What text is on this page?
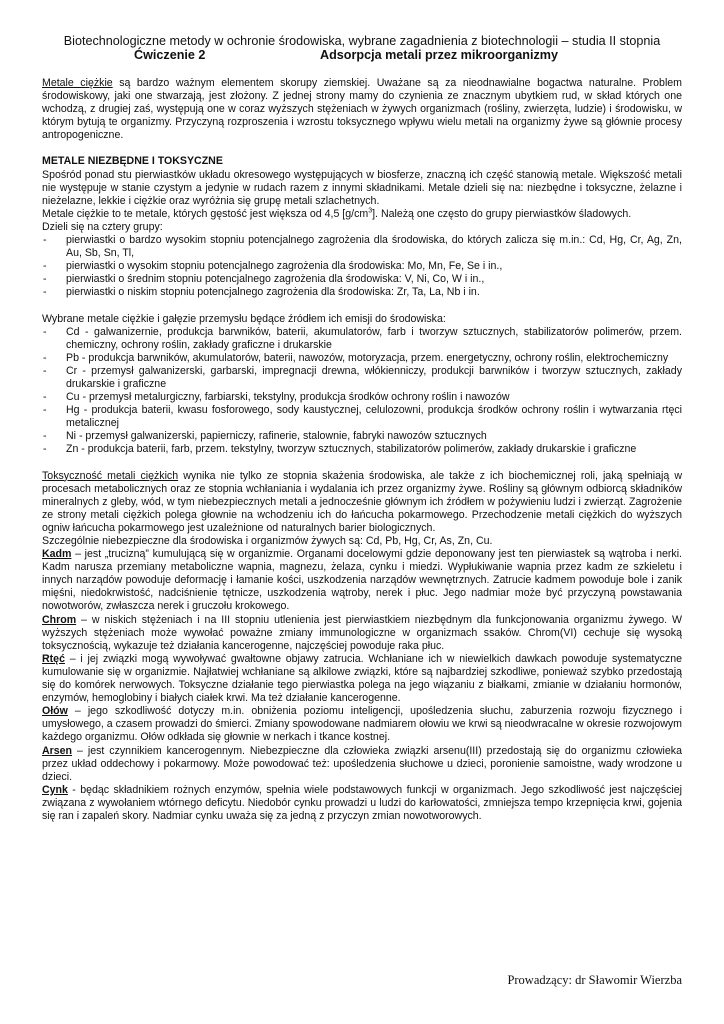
Biotechnologiczne metody w ochronie środowiska, wybrane zagadnienia z biotechnologii – studia II stopnia
Ćwiczenie 2	Adsorpcja metali przez mikroorganizmy

Metale ciężkie są bardzo ważnym elementem skorupy ziemskiej. Uważane są za nieodnawialne bogactwa naturalne. Problem środowiskowy, jaki one stwarzają, jest złożony. Z jednej strony mamy do czynienia ze znacznym ubytkiem rud, w skład których one wchodzą, z drugiej zaś, występują one w coraz wyższych stężeniach w żywych organizmach (rośliny, zwierzęta, ludzie) i środowisku, w którym bytują te organizmy. Przyczyną rozproszenia i wzrostu toksycznego wpływu wielu metali na organizmy żywe są głównie procesy antropogeniczne.

METALE NIEZBĘDNE I TOKSYCZNE

Spośród ponad stu pierwiastków układu okresowego występujących w biosferze, znaczną ich część stanowią metale. Większość metali nie występuje w stanie czystym a jedynie w rudach razem z innymi składnikami. Metale dzieli się na: niezbędne i toksyczne, żelazne i nieżelazne, lekkie i ciężkie oraz wyróżnia się grupę metali szlachetnych.

Metale ciężkie to te metale, których gęstość jest większa od 4,5 $[g/cm^3]$. Należą one często do grupy pierwiastków śladowych.

Dzieli się na cztery grupy:

- pierwiastki o bardzo wysokim stopniu potencjalnego zagrożenia dla środowiska, do których zalicza się m.in.: Cd, Hg, Cr, Ag, Zn, Au, Sb, Sn, Tl,
- pierwiastki o wysokim stopniu potencjalnego zagrożenia dla środowiska: Mo, Mn, Fe, Se i in.,
- pierwiastki o średnim stopniu potencjalnego zagrożenia dla środowiska: V, Ni, Co, W i in.,
- pierwiastki o niskim stopniu potencjalnego zagrożenia dla środowiska: Zr, Ta, La, Nb i in.

Wybrane metale ciężkie i gałęzie przemysłu będące źródłem ich emisji do środowiska:

- Cd - galwanizernie, produkcja barwników, baterii, akumulatorów, farb i tworzyw sztucznych, stabilizatorów polimerów, przem. chemiczny, ochrony roślin, zakłady graficzne i drukarskie
- Pb - produkcja barwników, akumulatorów, baterii, nawozów, motoryzacja, przem. energetyczny, ochrony roślin, elektrochemiczny
- Cr - przemysł galwanizerski, garbarski, impregnacji drewna, włókienniczy, produkcji barwników i tworzyw sztucznych, zakłady drukarskie i graficzne
- Cu - przemysł metalurgiczny, farbiarski, tekstylny, produkcja środków ochrony roślin i nawozów
- Hg - produkcja baterii, kwasu fosforowego, sody kaustycznej, celulozowni, produkcja środków ochrony roślin i wytwarzania rtęci metalicznej
- Ni - przemysł galwanizerski, papierniczy, rafinerie, stalownie, fabryki nawozów sztucznych
- Zn - produkcja baterii, farb, przem. tekstylny, tworzyw sztucznych, stabilizatorów polimerów, zakłady drukarskie i graficzne

Toksyczność metali ciężkich wynika nie tylko ze stopnia skażenia środowiska, ale także z ich biochemicznej roli, jaką spełniają w procesach metabolicznych oraz ze stopnia wchłaniania i wydalania ich przez organizmy żywe. Rośliny są głównym odbiorcą składników mineralnych z gleby, wód, w tym niebezpiecznych metali a jednocześnie głównym ich źródłem w pożywieniu ludzi i zwierząt. Zagrożenie ze strony metali ciężkich polega głownie na wchodzeniu ich do łańcucha pokarmowego. Przechodzenie metali ciężkich do wyższych ogniw łańcucha pokarmowego jest uzależnione od naturalnych barier biologicznych.

Szczególnie niebezpieczne dla środowiska i organizmów żywych są: Cd, Pb, Hg, Cr, As, Zn, Cu.

Kadm – jest „trucizną” kumulującą się w organizmie. Organami docelowymi gdzie deponowany jest ten pierwiastek są wątroba i nerki. Kadm narusza przemiany metaboliczne wapnia, magnezu, żelaza, cynku i miedzi. Wypłukiwanie wapnia przez kadm ze szkieletu i innych narządów powoduje deformację i łamanie kości, uszkodzenia narządów wewnętrznych. Zatrucie kadmem powoduje bole i zanik mięśni, niedokrwistość, nadciśnienie tętnicze, uszkodzenia wątroby, nerek i płuc. Jego nadmiar może być przyczyną powstawania nowotworów, zwłaszcza nerek i gruczołu krokowego.

Chrom – w niskich stężeniach i na III stopniu utlenienia jest pierwiastkiem niezbędnym dla funkcjonowania organizmu żywego. W wyższych stężeniach może wywołać poważne zmiany immunologiczne w organizmach ssaków. Chrom(VI) cechuje się wysoką toksycznością, wykazuje też działania kancerogenne, najczęściej powoduje raka płuc.

Rtęć – i jej związki mogą wywoływać gwałtowne objawy zatrucia. Wchłaniane ich w niewielkich dawkach powoduje systematyczne kumulowanie się w organizmie. Najłatwiej wchłaniane są alkilowe związki, które są najbardziej szkodliwe, ponieważ szybko przedostają się do komórek nerwowych. Toksyczne działanie tego pierwiastka polega na jego wiązaniu z białkami, zmianie w działaniu hormonów, enzymów, hemoglobiny i białych ciałek krwi. Ma też działanie kancerogenne.

Ołów – jego szkodliwość dotyczy m.in. obniżenia poziomu inteligencji, upośledzenia słuchu, zaburzenia rozwoju fizycznego i umysłowego, a czasem prowadzi do śmierci. Zmiany spowodowane nadmiarem ołowiu we krwi są nieodwracalne w okresie rozwojowym każdego organizmu. Ołów odkłada się głownie w nerkach i tkance kostnej.

Arsen – jest czynnikiem kancerogennym. Niebezpieczne dla człowieka związki arsenu(III) przedostają się do organizmu człowieka przez układ oddechowy i pokarmowy. Może powodować też: upośledzenia słuchowe u dzieci, poronienie samoistne, wady wrodzone u dzieci.

Cynk - będąc składnikiem rożnych enzymów, spełnia wiele podstawowych funkcji w organizmach. Jego szkodliwość jest najczęściej związana z wywołaniem wtórnego deficytu. Niedobór cynku prowadzi u ludzi do karłowatości, zmniejsza tempo krzepnięcia krwi, gojenia się ran i zapaleń skory. Nadmiar cynku uważa się za jedną z przyczyn zmian nowotworowych.

Prowadzący: dr Sławomir Wierzba
